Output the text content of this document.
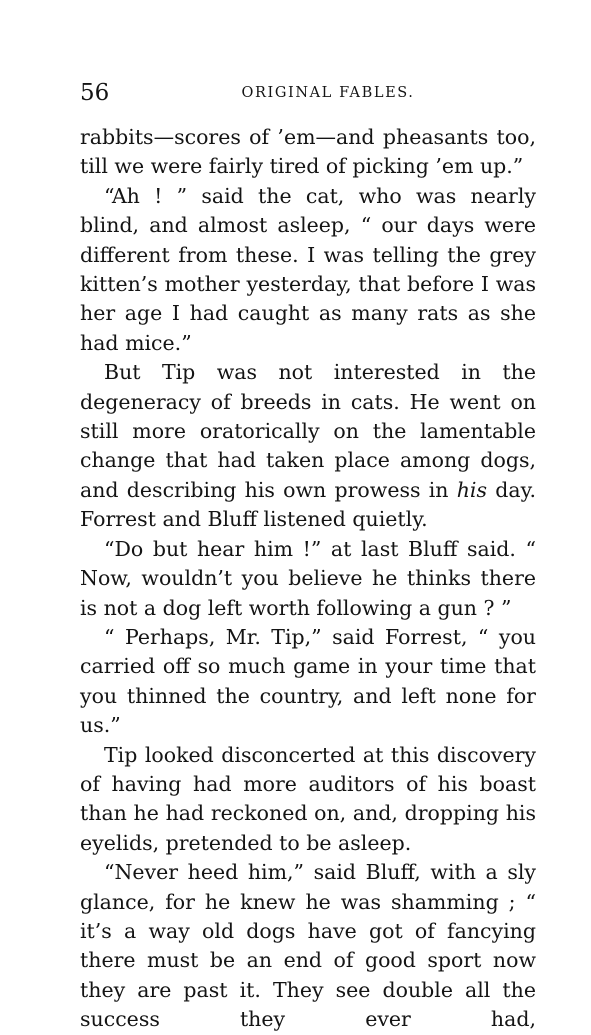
56	ORIGINAL FABLES.

rabbits—scores of ’em—and pheasants too, till we were fairly tired of picking ’em up.”

“Ah ! ” said the cat, who was nearly blind, and almost asleep, “ our days were different from these. I was telling the grey kitten’s mother yesterday, that before I was her age I had caught as many rats as she had mice.”

But Tip was not interested in the degeneracy of breeds in cats. He went on still more oratorically on the lamentable change that had taken place among dogs, and describing his own prowess in his day. Forrest and Bluff listened quietly.

“Do but hear him !” at last Bluff said. “ Now, wouldn’t you believe he thinks there is not a dog left worth following a gun ? ”

“ Perhaps, Mr. Tip,” said Forrest, “ you carried off so much game in your time that you thinned the country, and left none for us.”

Tip looked disconcerted at this discovery of having had more auditors of his boast than he had reckoned on, and, dropping his eyelids, pretended to be asleep.

“Never heed him,” said Bluff, with a sly glance, for he knew he was shamming ; “ it’s a way old dogs have got of fancying there must be an end of good sport now they are past it. They see double all the success they ever had,
